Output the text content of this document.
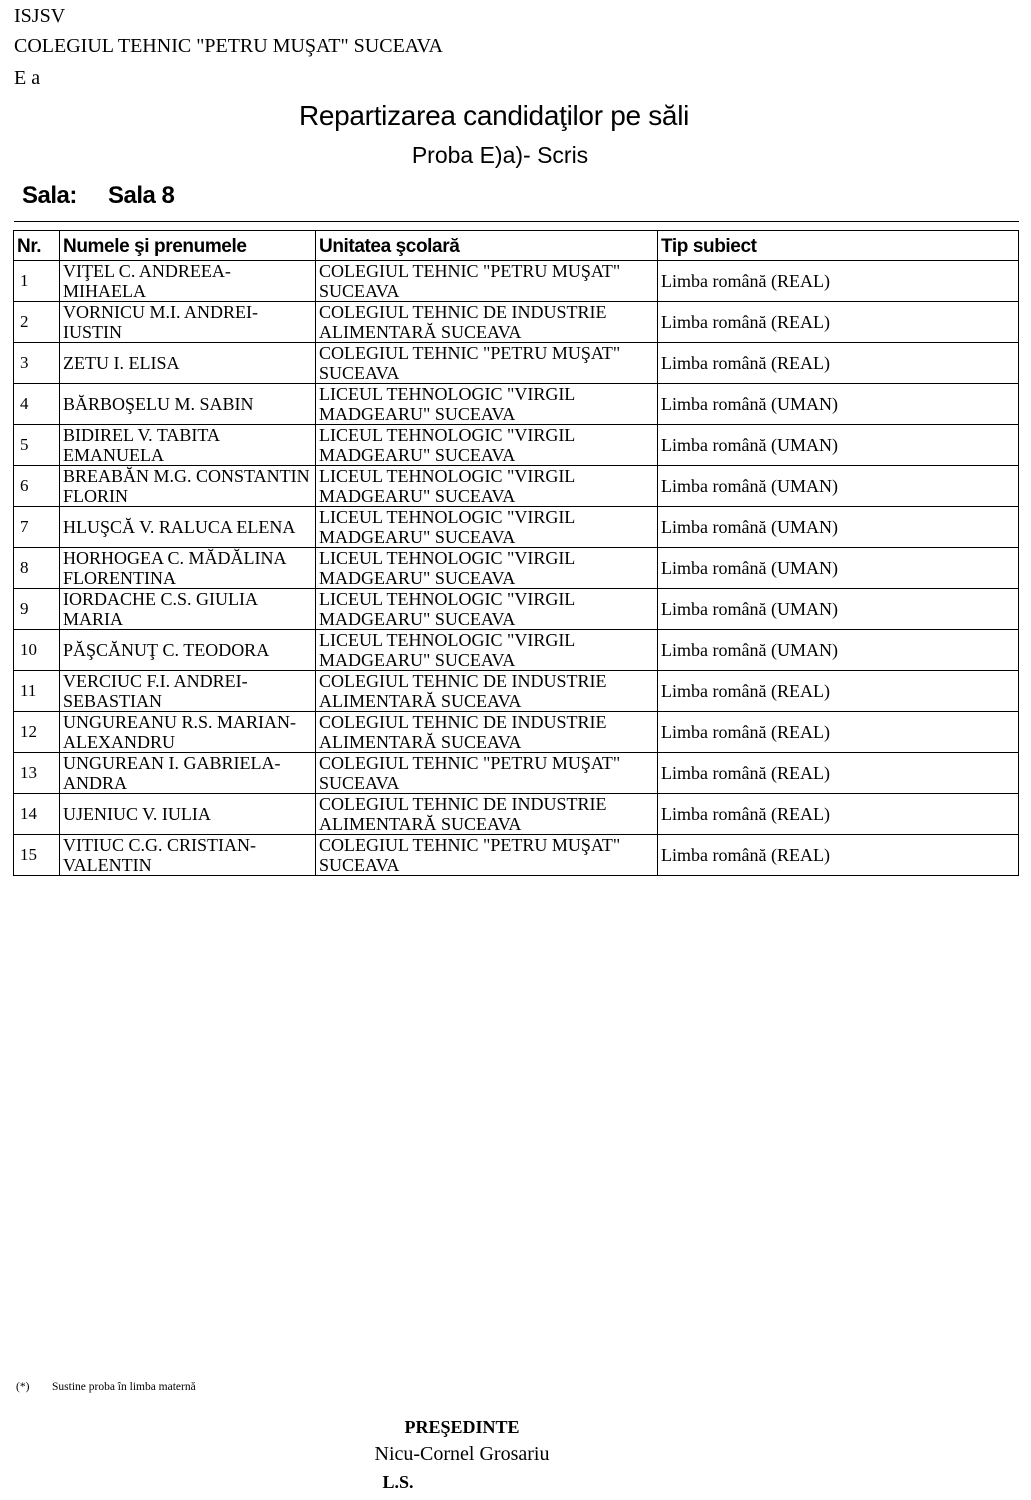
ISJSV
COLEGIUL TEHNIC "PETRU MUŞAT" SUCEAVA
E a
Repartizarea candidaţilor pe săli
Proba E)a)- Scris
Sala: Sala 8
Nr.	Numele şi prenumele	Unitatea şcolară	Tip subiect
1	VIŢEL C. ANDREEA-MIHAELA	COLEGIUL TEHNIC "PETRU MUŞAT" SUCEAVA	Limba română (REAL)
2	VORNICU M.I. ANDREI-IUSTIN	COLEGIUL TEHNIC DE INDUSTRIE ALIMENTARĂ SUCEAVA	Limba română (REAL)
3	ZETU I. ELISA	COLEGIUL TEHNIC "PETRU MUŞAT" SUCEAVA	Limba română (REAL)
4	BĂRBOŞELU M. SABIN	LICEUL TEHNOLOGIC "VIRGIL MADGEARU" SUCEAVA	Limba română (UMAN)
5	BIDIREL V. TABITA EMANUELA	LICEUL TEHNOLOGIC "VIRGIL MADGEARU" SUCEAVA	Limba română (UMAN)
6	BREABĂN M.G. CONSTANTIN FLORIN	LICEUL TEHNOLOGIC "VIRGIL MADGEARU" SUCEAVA	Limba română (UMAN)
7	HLUŞCĂ V. RALUCA ELENA	LICEUL TEHNOLOGIC "VIRGIL MADGEARU" SUCEAVA	Limba română (UMAN)
8	HORHOGEA C. MĂDĂLINA FLORENTINA	LICEUL TEHNOLOGIC "VIRGIL MADGEARU" SUCEAVA	Limba română (UMAN)
9	IORDACHE C.S. GIULIA MARIA	LICEUL TEHNOLOGIC "VIRGIL MADGEARU" SUCEAVA	Limba română (UMAN)
10	PĂŞCĂNUŢ C. TEODORA	LICEUL TEHNOLOGIC "VIRGIL MADGEARU" SUCEAVA	Limba română (UMAN)
11	VERCIUC F.I. ANDREI-SEBASTIAN	COLEGIUL TEHNIC DE INDUSTRIE ALIMENTARĂ SUCEAVA	Limba română (REAL)
12	UNGUREANU R.S. MARIAN-ALEXANDRU	COLEGIUL TEHNIC DE INDUSTRIE ALIMENTARĂ SUCEAVA	Limba română (REAL)
13	UNGUREAN I. GABRIELA-ANDRA	COLEGIUL TEHNIC "PETRU MUŞAT" SUCEAVA	Limba română (REAL)
14	UJENIUC V. IULIA	COLEGIUL TEHNIC DE INDUSTRIE ALIMENTARĂ SUCEAVA	Limba română (REAL)
15	VITIUC C.G. CRISTIAN-VALENTIN	COLEGIUL TEHNIC "PETRU MUŞAT" SUCEAVA	Limba română (REAL)
(*) Sustine proba în limba maternă
PREŞEDINTE
Nicu-Cornel Grosariu
L.S.
